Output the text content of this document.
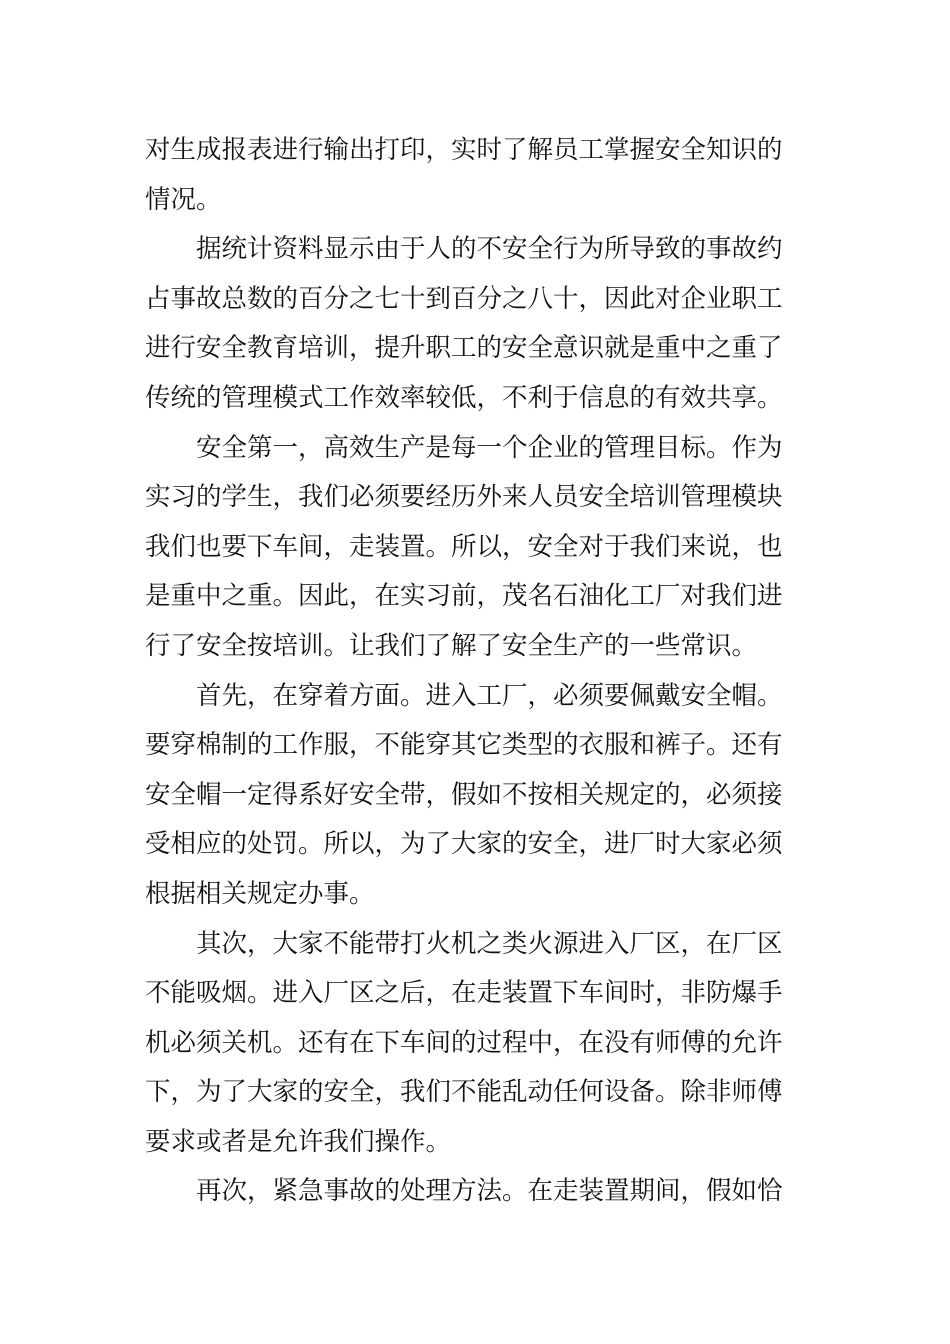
对生成报表进行输出打印，实时了解员工掌握安全知识的
情况。
据统计资料显示由于人的不安全行为所导致的事故约
占事故总数的百分之七十到百分之八十，因此对企业职工
进行安全教育培训，提升职工的安全意识就是重中之重了
传统的管理模式工作效率较低，不利于信息的有效共享。
安全第一，高效生产是每一个企业的管理目标。作为
实习的学生，我们必须要经历外来人员安全培训管理模块
我们也要下车间，走装置。所以，安全对于我们来说，也
是重中之重。因此，在实习前，茂名石油化工厂对我们进
行了安全按培训。让我们了解了安全生产的一些常识。
首先，在穿着方面。进入工厂，必须要佩戴安全帽。
要穿棉制的工作服，不能穿其它类型的衣服和裤子。还有
安全帽一定得系好安全带，假如不按相关规定的，必须接
受相应的处罚。所以，为了大家的安全，进厂时大家必须
根据相关规定办事。
其次，大家不能带打火机之类火源进入厂区，在厂区
不能吸烟。进入厂区之后，在走装置下车间时，非防爆手
机必须关机。还有在下车间的过程中，在没有师傅的允许
下，为了大家的安全，我们不能乱动任何设备。除非师傅
要求或者是允许我们操作。
再次，紧急事故的处理方法。在走装置期间，假如恰
